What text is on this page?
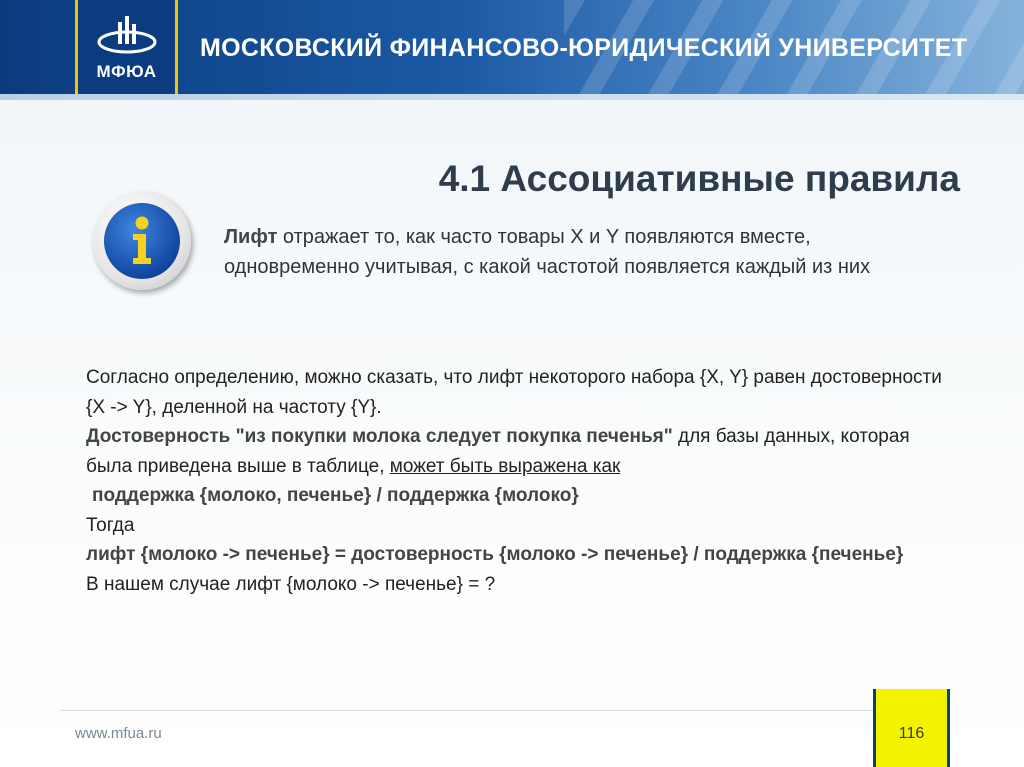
МФЮА
МОСКОВСКИЙ ФИНАНСОВО-ЮРИДИЧЕСКИЙ УНИВЕРСИТЕТ
4.1 Ассоциативные правила
Лифт отражает то, как часто товары X и Y появляются вместе, одновременно учитывая, с какой частотой появляется каждый из них

Согласно определению, можно сказать, что лифт некоторого набора {X, Y} равен достоверности {X -> Y}, деленной на частоту {Y}.

Достоверность "из покупки молока следует покупка печенья" для базы данных, которая была приведена выше в таблице, может быть выражена как

поддержка {молоко, печенье} / поддержка {молоко}

Тогда

лифт {молоко -> печенье} = достоверность {молоко -> печенье} / поддержка {печенье}

В нашем случае лифт {молоко -> печенье} = ?

www.mfua.ru	116
